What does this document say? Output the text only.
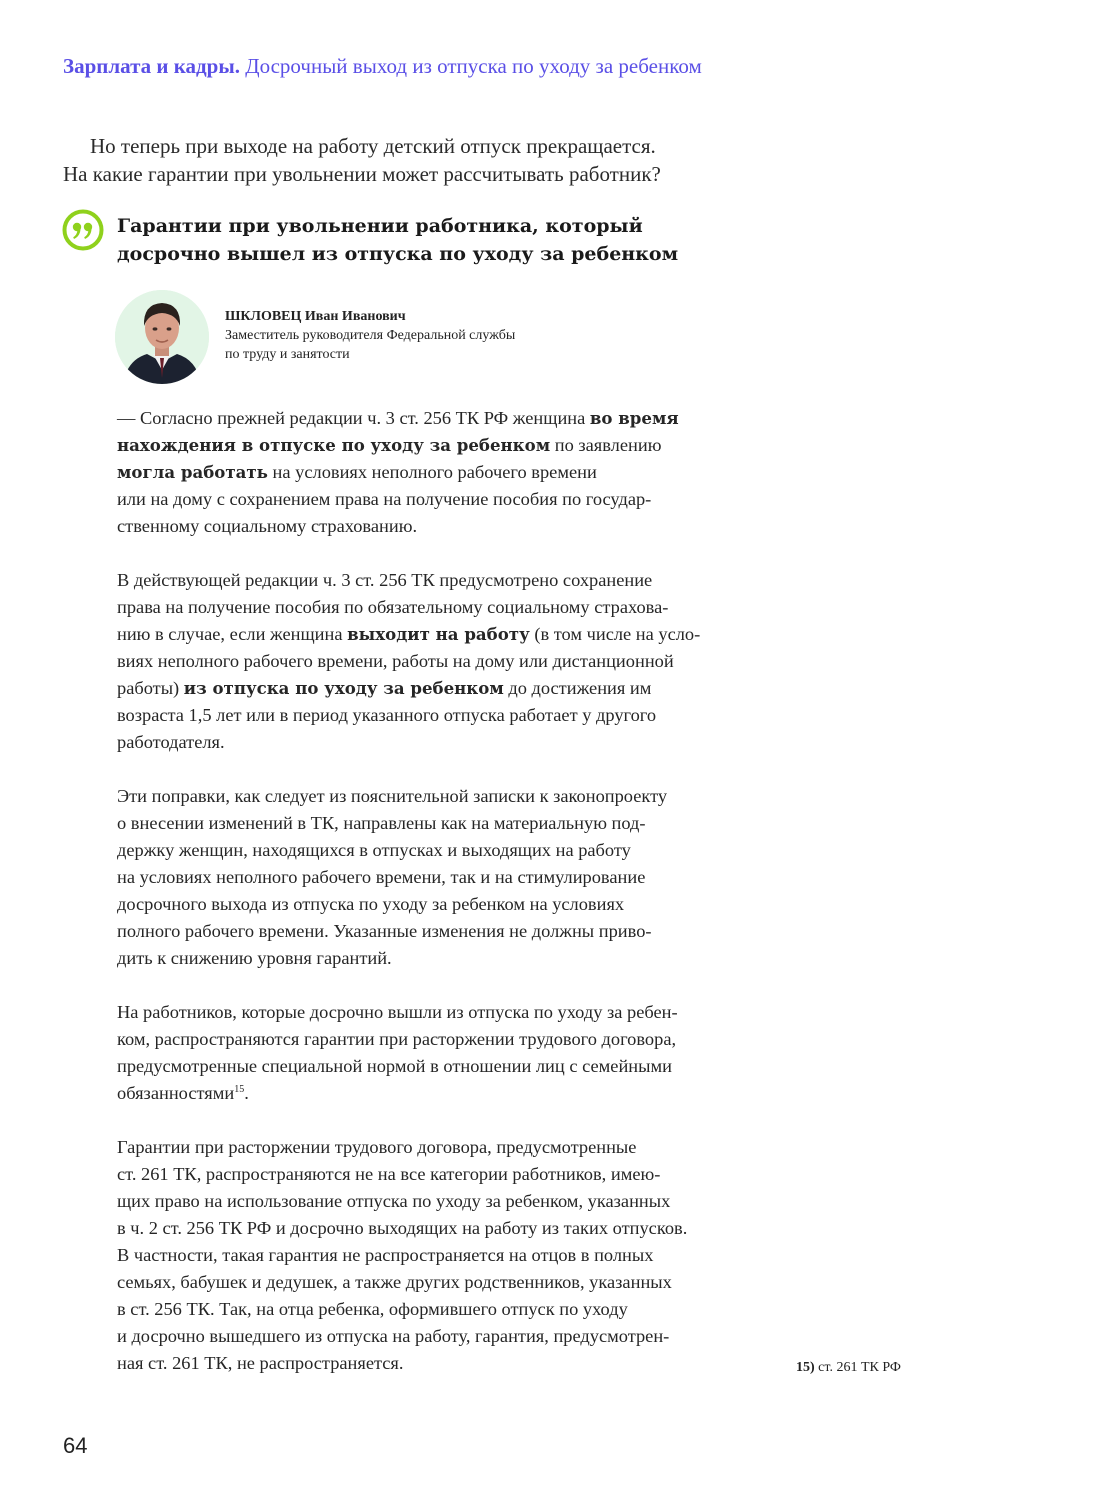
Зарплата и кадры. Досрочный выход из отпуска по уходу за ребенком
Но теперь при выходе на работу детский отпуск прекращается.
На какие гарантии при увольнении может рассчитывать работник?
Гарантии при увольнении работника, который
досрочно вышел из отпуска по уходу за ребенком
ШКЛОВЕЦ Иван Иванович
Заместитель руководителя Федеральной службы
по труду и занятости
— Согласно прежней редакции ч. 3 ст. 256 ТК РФ женщина во время
нахождения в отпуске по уходу за ребенком по заявлению
могла работать на условиях неполного рабочего времени
или на дому с сохранением права на получение пособия по государ-
ственному социальному страхованию.
В действующей редакции ч. 3 ст. 256 ТК предусмотрено сохранение
права на получение пособия по обязательному социальному страхова-
нию в случае, если женщина выходит на работу (в том числе на усло-
виях неполного рабочего времени, работы на дому или дистанционной
работы) из отпуска по уходу за ребенком до достижения им
возраста 1,5 лет или в период указанного отпуска работает у другого
работодателя.
Эти поправки, как следует из пояснительной записки к законопроекту
о внесении изменений в ТК, направлены как на материальную под-
держку женщин, находящихся в отпусках и выходящих на работу
на условиях неполного рабочего времени, так и на стимулирование
досрочного выхода из отпуска по уходу за ребенком на условиях
полного рабочего времени. Указанные изменения не должны приво-
дить к снижению уровня гарантий.
На работников, которые досрочно вышли из отпуска по уходу за ребен-
ком, распространяются гарантии при расторжении трудового договора,
предусмотренные специальной нормой в отношении лиц с семейными
обязанностями$^{15}$.
Гарантии при расторжении трудового договора, предусмотренные
ст. 261 ТК, распространяются не на все категории работников, имею-
щих право на использование отпуска по уходу за ребенком, указанных
в ч. 2 ст. 256 ТК РФ и досрочно выходящих на работу из таких отпусков.
В частности, такая гарантия не распространяется на отцов в полных
семьях, бабушек и дедушек, а также других родственников, указанных
в ст. 256 ТК. Так, на отца ребенка, оформившего отпуск по уходу
и досрочно вышедшего из отпуска на работу, гарантия, предусмотрен-
ная ст. 261 ТК, не распространяется.	15) ст. 261 ТК РФ
64
